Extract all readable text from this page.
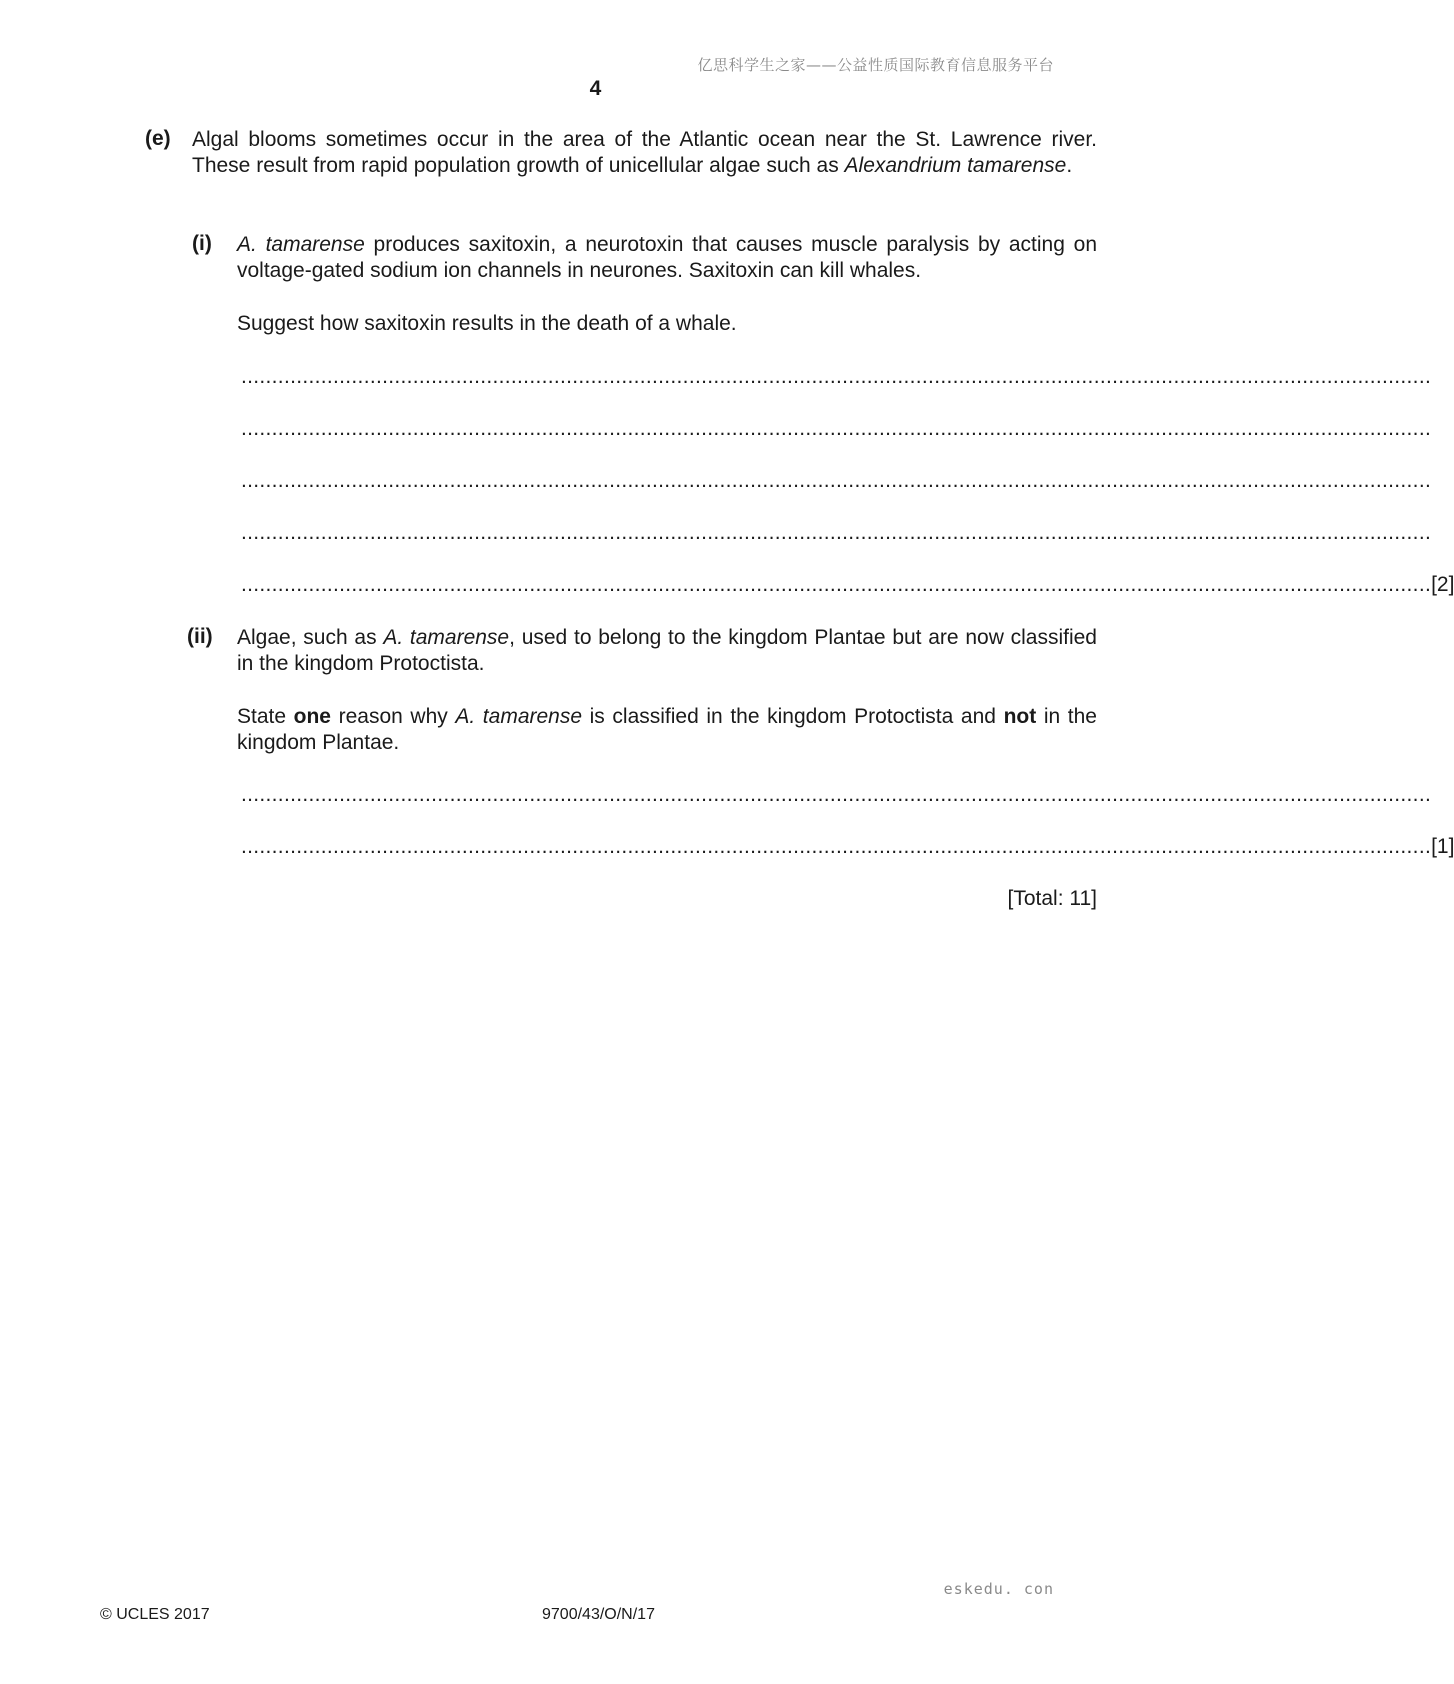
亿思科学生之家——公益性质国际教育信息服务平台
4
(e) Algal blooms sometimes occur in the area of the Atlantic ocean near the St. Lawrence river. These result from rapid population growth of unicellular algae such as Alexandrium tamarense.
(i) A. tamarense produces saxitoxin, a neurotoxin that causes muscle paralysis by acting on voltage-gated sodium ion channels in neurones. Saxitoxin can kill whales.
Suggest how saxitoxin results in the death of a whale.
..................................................................................................................................................................................................
..................................................................................................................................................................................................
..................................................................................................................................................................................................
..................................................................................................................................................................................................
.................................................................................................................................................................................................. [2]
(ii) Algae, such as A. tamarense, used to belong to the kingdom Plantae but are now classified in the kingdom Protoctista.
State one reason why A. tamarense is classified in the kingdom Protoctista and not in the kingdom Plantae.
..................................................................................................................................................................................................
.................................................................................................................................................................................................. [1]
[Total: 11]
eskedu. con
© UCLES 2017	9700/43/O/N/17
